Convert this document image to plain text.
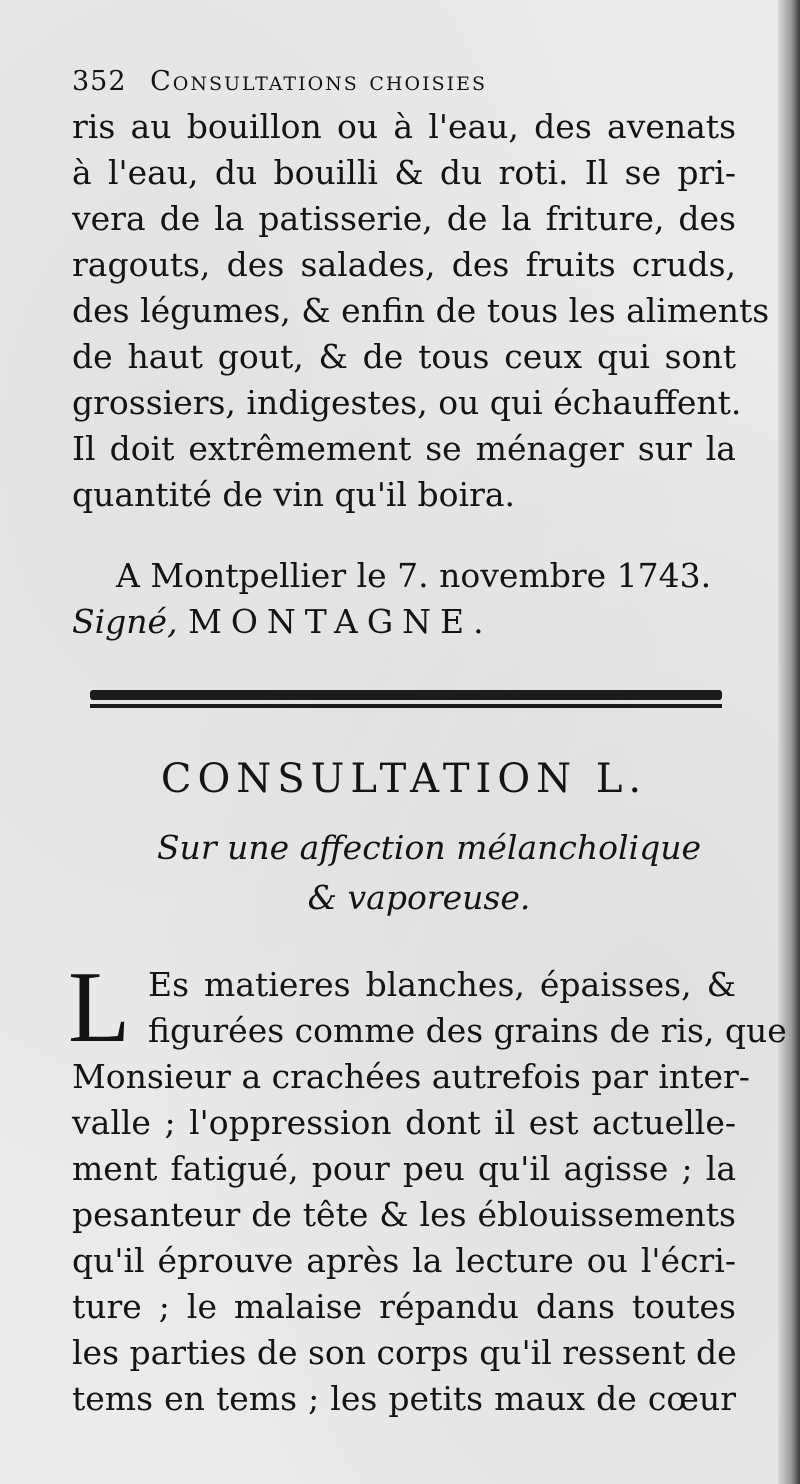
352 Consultations choisies
ris au bouillon ou à l'eau, des avenats
à l'eau, du bouilli & du roti. Il se pri-
vera de la patisserie, de la friture, des
ragouts, des salades, des fruits cruds,
des légumes, & enfin de tous les aliments
de haut gout, & de tous ceux qui sont
grossiers, indigestes, ou qui échauffent.
Il doit extrêmement se ménager sur la
quantité de vin qu'il boira.
A Montpellier le 7. novembre 1743.
Signé, MONTAGNE.
CONSULTATION L.
Sur une affection mélancholique
& vaporeuse.
L Es matieres blanches, épaisses, &
figurées comme des grains de ris, que
Monsieur a crachées autrefois par inter-
valle ; l'oppression dont il est actuelle-
ment fatigué, pour peu qu'il agisse ; la
pesanteur de tête & les éblouissements
qu'il éprouve après la lecture ou l'écri-
ture ; le malaise répandu dans toutes
les parties de son corps qu'il ressent de
tems en tems ; les petits maux de cœur
